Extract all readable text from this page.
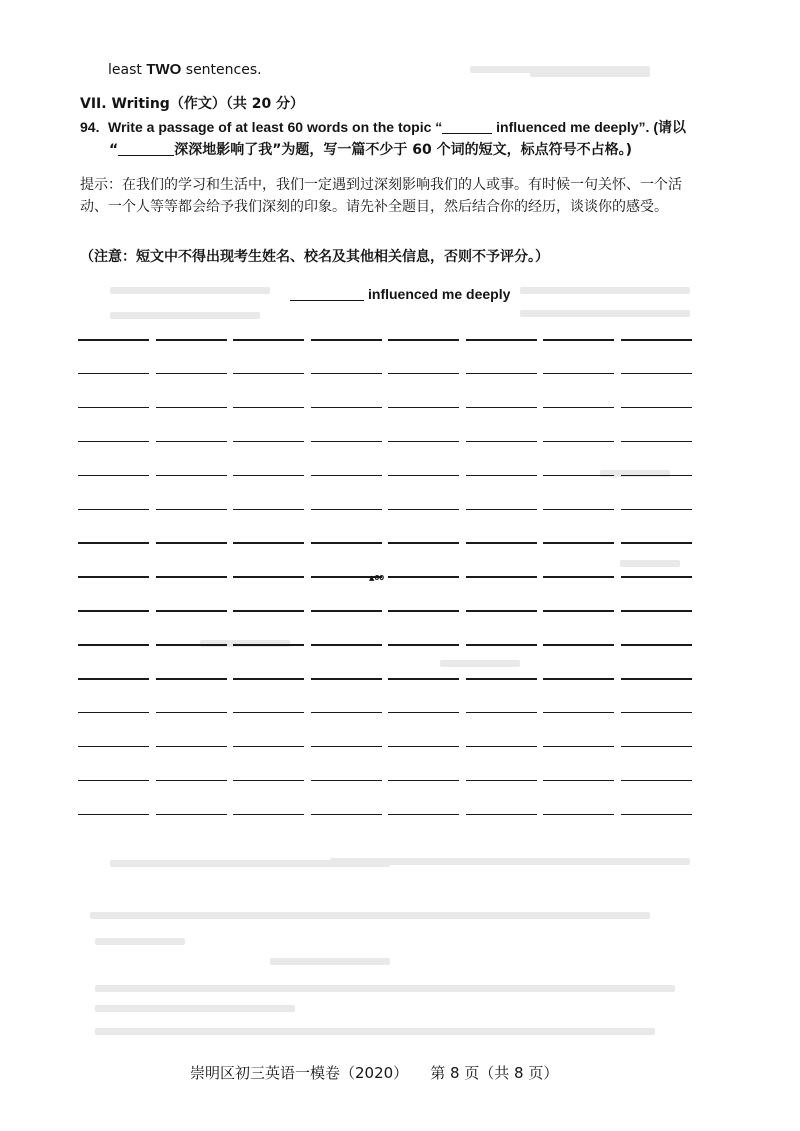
least TWO sentences.
VII. Writing（作文）（共 20 分）
94. Write a passage of at least 60 words on the topic “	influenced me deeply”. (请以
“	深深地影响了我”为题，写一篇不少于 60 个词的短文，标点符号不占格。)
提示：在我们的学习和生活中，我们一定遇到过深刻影响我们的人或事。有时候一句关怀、一个活动、一个人等等都会给予我们深刻的印象。请先补全题目，然后结合你的经历，谈谈你的感受。
（注意：短文中不得出现考生姓名、校名及其他相关信息，否则不予评分。）
influenced me deeply
▲60
崇明区初三英语一模卷（2020） 第 8 页（共 8 页）
